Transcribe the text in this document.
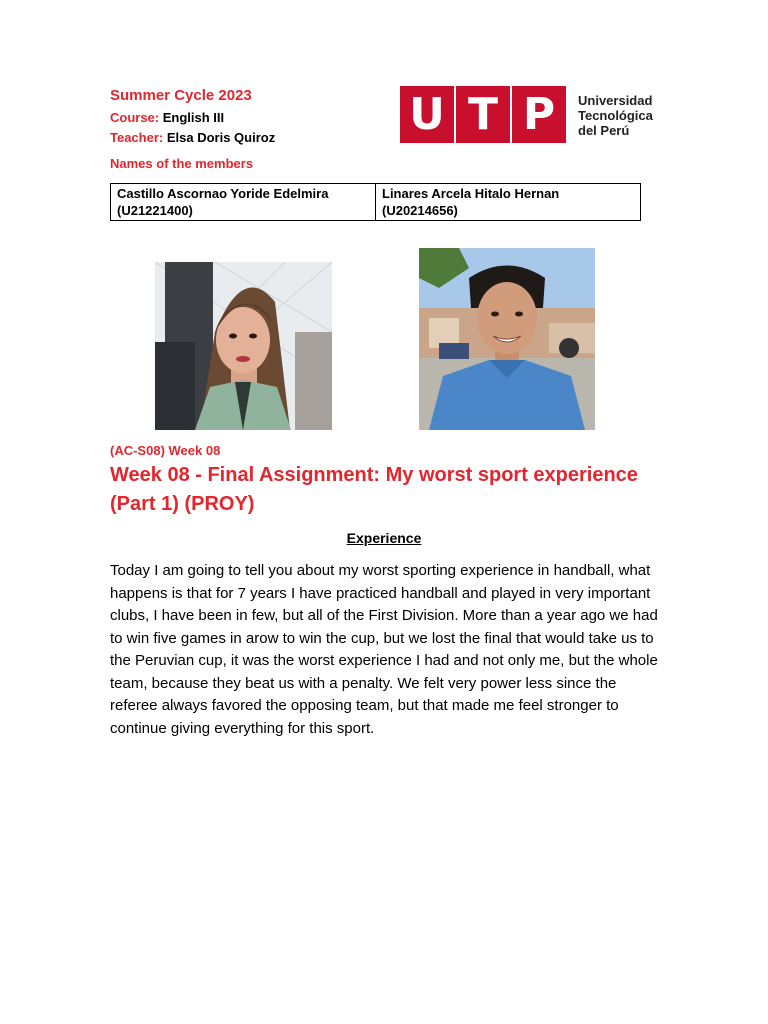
Summer Cycle 2023
Course: English III
Teacher: Elsa Doris Quiroz
Names of the members
Castillo Ascornao Yoride Edelmira
(U21221400)

Linares Arcela Hitalo Hernan
(U20214656)
U T P	Universidad
Tecnológica
del Perú
(AC-S08) Week 08
Week 08 - Final Assignment: My worst sport experience (Part 1) (PROY)
Experience

Today I am going to tell you about my worst sporting experience in handball, what happens is that for 7 years I have practiced handball and played in very important clubs, I have been in few, but all of the First Division. More than a year ago we had to win five games in arow to win the cup, but we lost the final that would take us to the Peruvian cup, it was the worst experience I had and not only me, but the whole team, because they beat us with a penalty. We felt very power less since the referee always favored the opposing team, but that made me feel stronger to continue giving everything for this sport.
